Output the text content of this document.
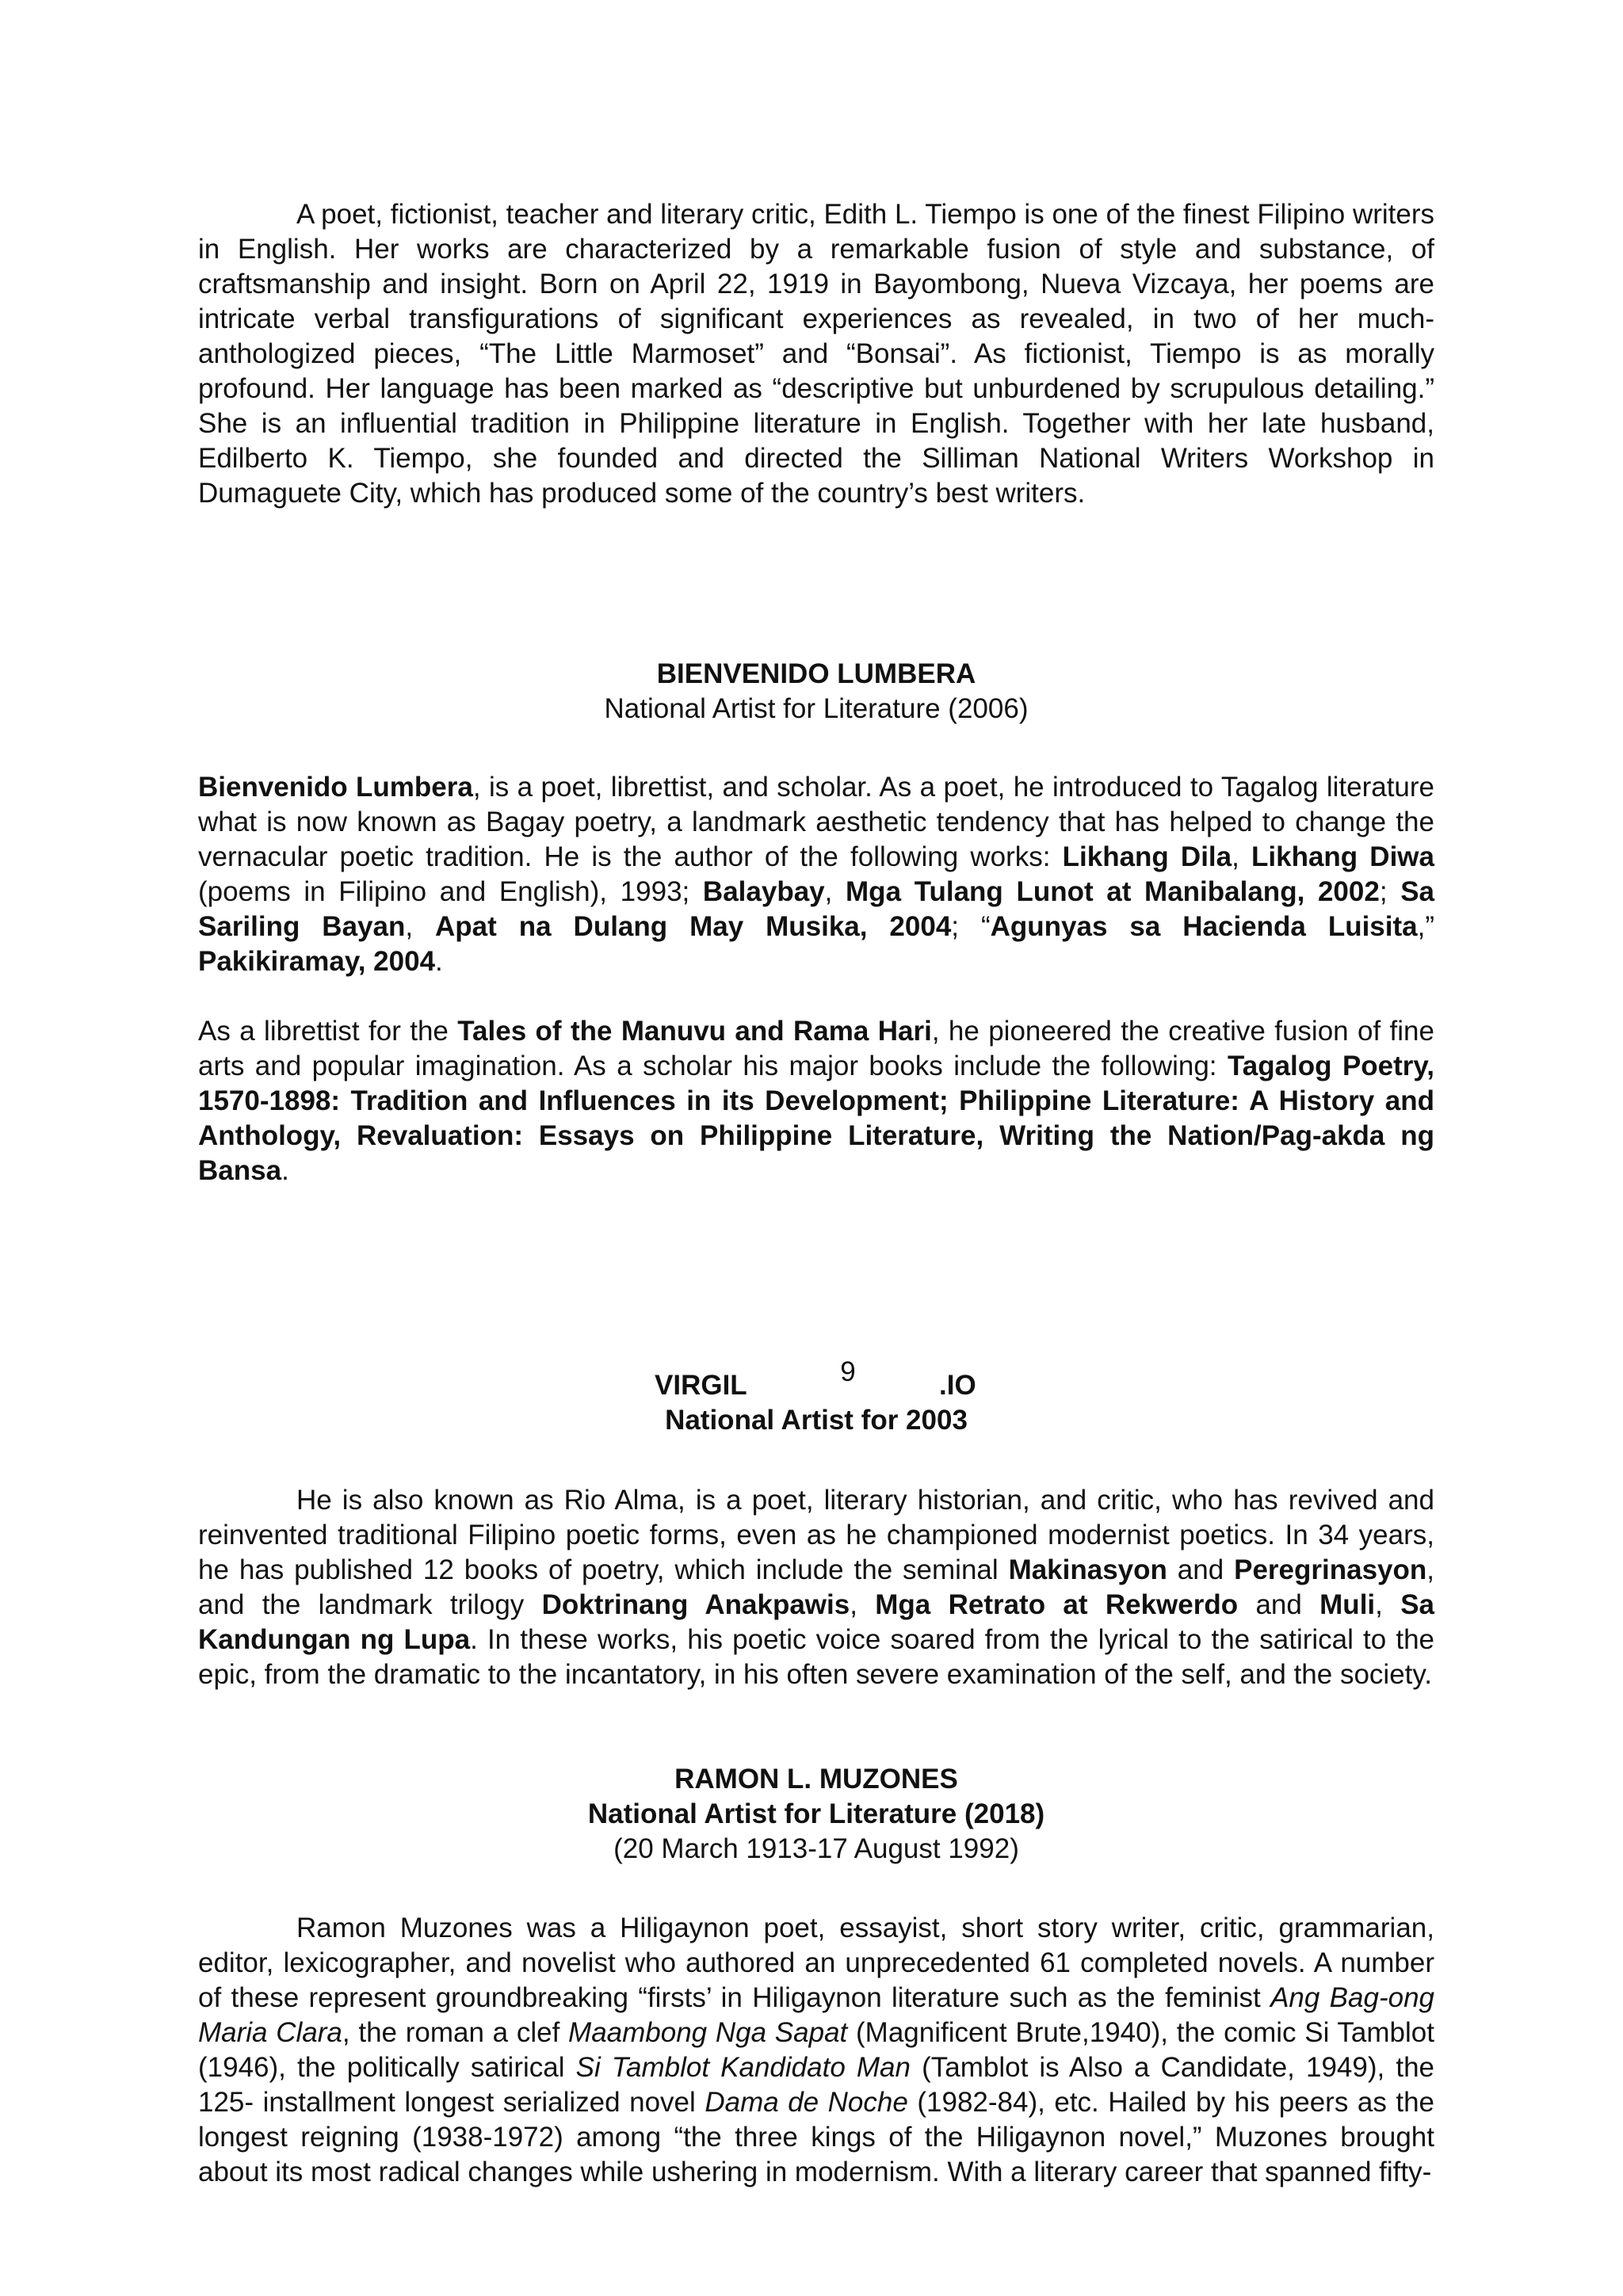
A poet, fictionist, teacher and literary critic, Edith L. Tiempo is one of the finest Filipino writers in English. Her works are characterized by a remarkable fusion of style and substance, of craftsmanship and insight. Born on April 22, 1919 in Bayombong, Nueva Vizcaya, her poems are intricate verbal transfigurations of significant experiences as revealed, in two of her much-anthologized pieces, “The Little Marmoset” and “Bonsai”. As fictionist, Tiempo is as morally profound. Her language has been marked as “descriptive but unburdened by scrupulous detailing.” She is an influential tradition in Philippine literature in English. Together with her late husband, Edilberto K. Tiempo, she founded and directed the Silliman National Writers Workshop in Dumaguete City, which has produced some of the country’s best writers.

BIENVENIDO LUMBERA
National Artist for Literature (2006)

Bienvenido Lumbera, is a poet, librettist, and scholar. As a poet, he introduced to Tagalog literature what is now known as Bagay poetry, a landmark aesthetic tendency that has helped to change the vernacular poetic tradition. He is the author of the following works: Likhang Dila, Likhang Diwa (poems in Filipino and English), 1993; Balaybay, Mga Tulang Lunot at Manibalang, 2002; Sa Sariling Bayan, Apat na Dulang May Musika, 2004; “Agunyas sa Hacienda Luisita,” Pakikiramay, 2004.

As a librettist for the Tales of the Manuvu and Rama Hari, he pioneered the creative fusion of fine arts and popular imagination. As a scholar his major books include the following: Tagalog Poetry, 1570-1898: Tradition and Influences in its Development; Philippine Literature: A History and Anthology, Revaluation: Essays on Philippine Literature, Writing the Nation/Pag-akda ng Bansa.

VIRGIL	9	.IO
National Artist for 2003

He is also known as Rio Alma, is a poet, literary historian, and critic, who has revived and reinvented traditional Filipino poetic forms, even as he championed modernist poetics. In 34 years, he has published 12 books of poetry, which include the seminal Makinasyon and Peregrinasyon, and the landmark trilogy Doktrinang Anakpawis, Mga Retrato at Rekwerdo and Muli, Sa Kandungan ng Lupa. In these works, his poetic voice soared from the lyrical to the satirical to the epic, from the dramatic to the incantatory, in his often severe examination of the self, and the society.

RAMON L. MUZONES
National Artist for Literature (2018)
(20 March 1913-17 August 1992)

Ramon Muzones was a Hiligaynon poet, essayist, short story writer, critic, grammarian, editor, lexicographer, and novelist who authored an unprecedented 61 completed novels. A number of these represent groundbreaking “firsts’ in Hiligaynon literature such as the feminist Ang Bag-ong Maria Clara, the roman a clef Maambong Nga Sapat (Magnificent Brute,1940), the comic Si Tamblot (1946), the politically satirical Si Tamblot Kandidato Man (Tamblot is Also a Candidate, 1949), the 125- installment longest serialized novel Dama de Noche (1982-84), etc. Hailed by his peers as the longest reigning (1938-1972) among “the three kings of the Hiligaynon novel,” Muzones brought about its most radical changes while ushering in modernism. With a literary career that spanned fifty-
